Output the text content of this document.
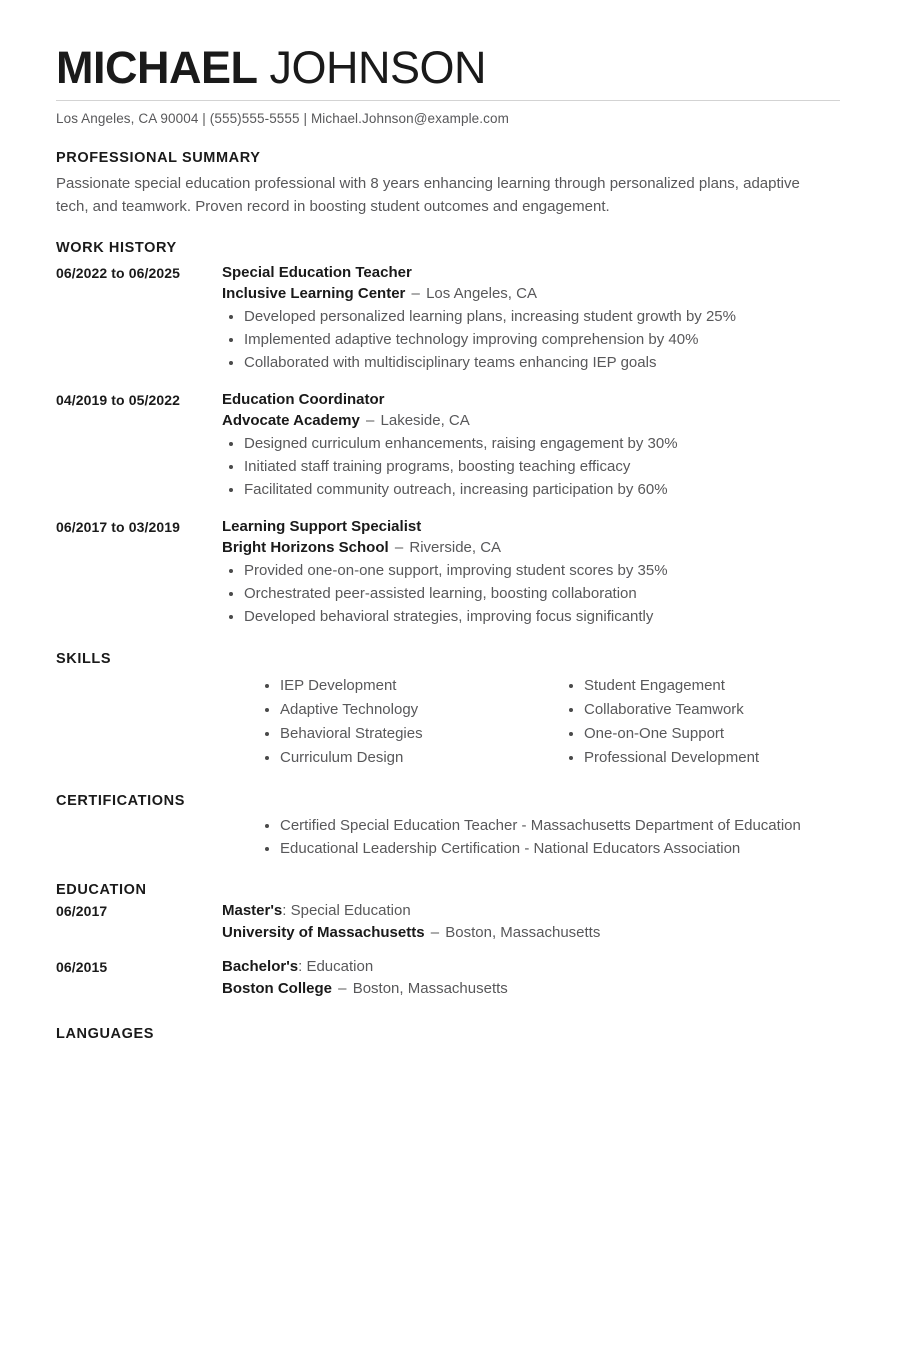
MICHAEL JOHNSON
Los Angeles, CA 90004 | (555)555-5555 | Michael.Johnson@example.com
PROFESSIONAL SUMMARY
Passionate special education professional with 8 years enhancing learning through personalized plans, adaptive tech, and teamwork. Proven record in boosting student outcomes and engagement.
WORK HISTORY
06/2022 to 06/2025	Special Education Teacher
Inclusive Learning Center – Los Angeles, CA
Developed personalized learning plans, increasing student growth by 25%
Implemented adaptive technology improving comprehension by 40%
Collaborated with multidisciplinary teams enhancing IEP goals
04/2019 to 05/2022	Education Coordinator
Advocate Academy – Lakeside, CA
Designed curriculum enhancements, raising engagement by 30%
Initiated staff training programs, boosting teaching efficacy
Facilitated community outreach, increasing participation by 60%
06/2017 to 03/2019	Learning Support Specialist
Bright Horizons School – Riverside, CA
Provided one-on-one support, improving student scores by 35%
Orchestrated peer-assisted learning, boosting collaboration
Developed behavioral strategies, improving focus significantly
SKILLS
IEP Development
Adaptive Technology
Behavioral Strategies
Curriculum Design
Student Engagement
Collaborative Teamwork
One-on-One Support
Professional Development
CERTIFICATIONS
Certified Special Education Teacher - Massachusetts Department of Education
Educational Leadership Certification - National Educators Association
EDUCATION
06/2017	Master's: Special Education
University of Massachusetts – Boston, Massachusetts
06/2015	Bachelor's: Education
Boston College – Boston, Massachusetts
LANGUAGES
